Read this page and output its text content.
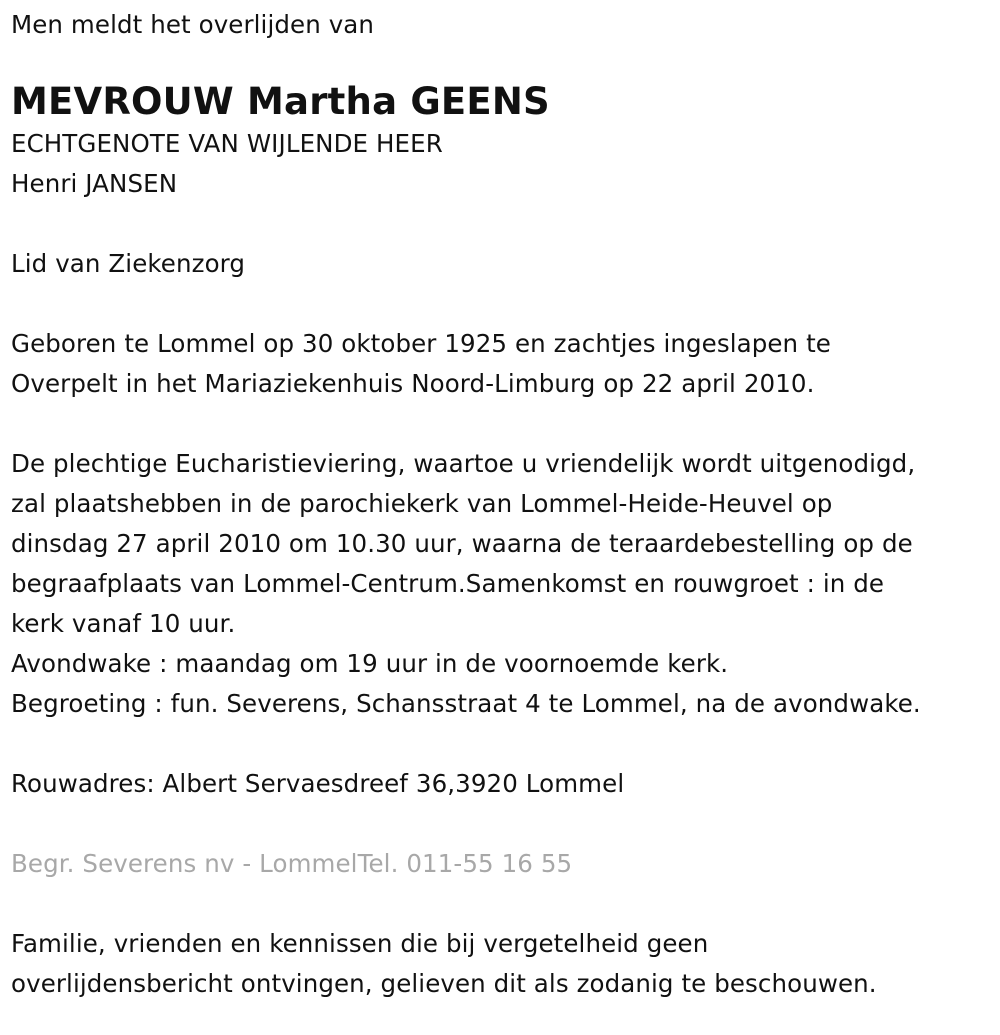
Men meldt het overlijden van
MEVROUW Martha GEENS
ECHTGENOTE VAN WIJLENDE HEER
Henri JANSEN
Lid van Ziekenzorg
Geboren te Lommel op 30 oktober 1925 en zachtjes ingeslapen te
Overpelt in het Mariaziekenhuis Noord-Limburg op 22 april 2010.
De plechtige Eucharistieviering, waartoe u vriendelijk wordt uitgenodigd,
zal plaatshebben in de parochiekerk van Lommel-Heide-Heuvel op
dinsdag 27 april 2010 om 10.30 uur, waarna de teraardebestelling op de
begraafplaats van Lommel-Centrum.Samenkomst en rouwgroet : in de
kerk vanaf 10 uur.
Avondwake : maandag om 19 uur in de voornoemde kerk.
Begroeting : fun. Severens, Schansstraat 4 te Lommel, na de avondwake.
Rouwadres: Albert Servaesdreef 36,3920 Lommel
Begr. Severens nv - LommelTel. 011-55 16 55
Familie, vrienden en kennissen die bij vergetelheid geen
overlijdensbericht ontvingen, gelieven dit als zodanig te beschouwen.
